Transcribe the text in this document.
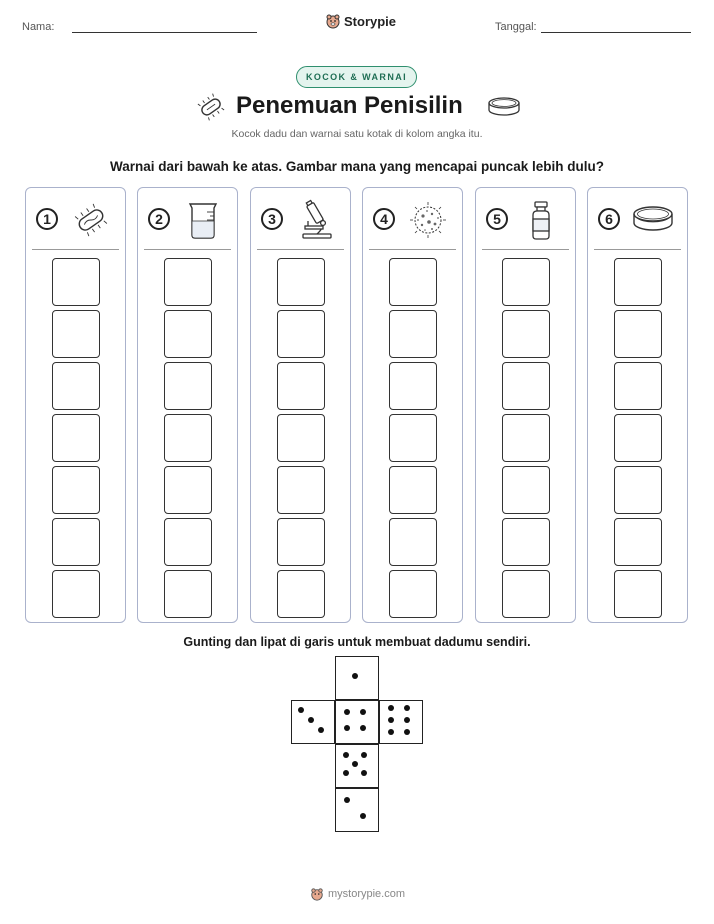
Nama:	Storypie	Tanggal:
KOCOK & WARNAI
Penemuan Penisilin
Kocok dadu dan warnai satu kotak di kolom angka itu.
Warnai dari bawah ke atas. Gambar mana yang mencapai puncak lebih dulu?
1	2	3	4	5	6
Gunting dan lipat di garis untuk membuat dadumu sendiri.
mystorypie.com
